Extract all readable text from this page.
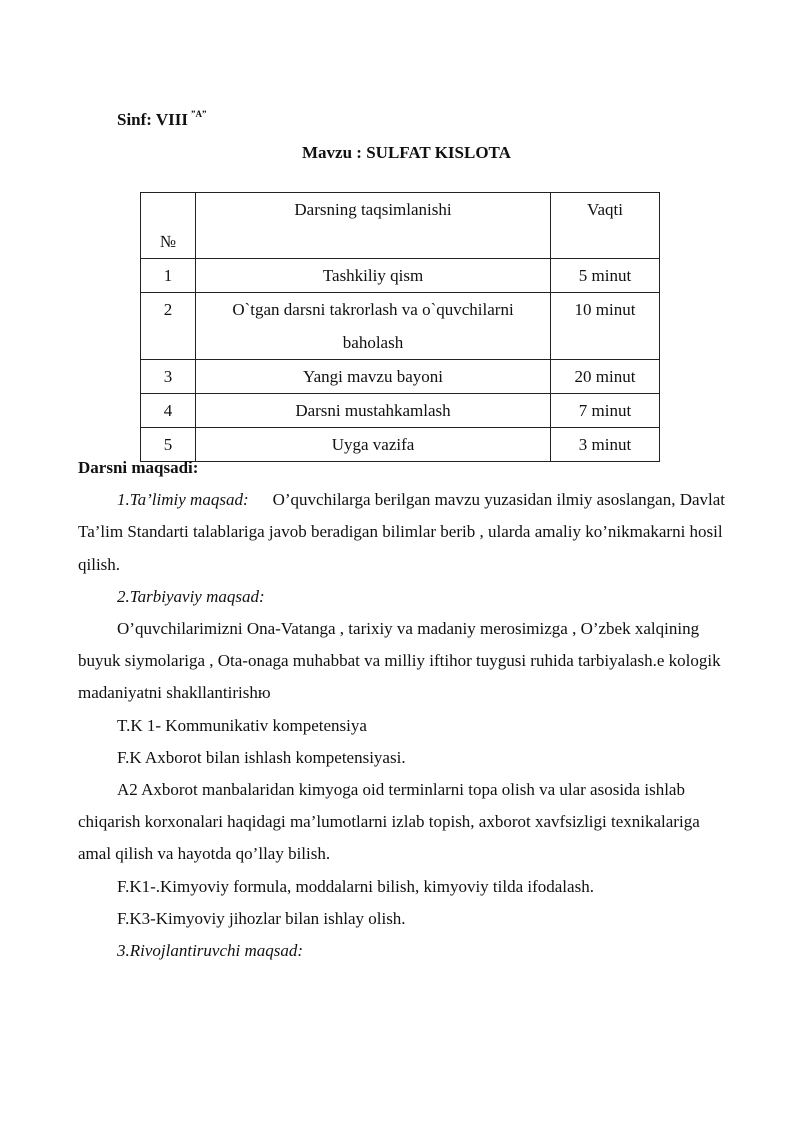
Sinf: VIII $^{”A”}$
Mavzu : SULFAT KISLOTA
№	Darsning taqsimlanishi	Vaqti
1	Tashkiliy qism	5 minut
2	O`tgan darsni takrorlash va o`quvchilarni baholash	10 minut
3	Yangi mavzu bayoni	20 minut
4	Darsni mustahkamlash	7 minut
5	Uyga vazifa	3 minut

Darsni maqsadi:

1.Ta’limiy maqsad: O’quvchilarga berilgan mavzu yuzasidan ilmiy asoslangan, Davlat Ta’lim Standarti talablariga javob beradigan bilimlar berib , ularda amaliy ko’nikmakarni hosil qilish.

2.Tarbiyaviy maqsad:

O’quvchilarimizni Ona-Vatanga , tarixiy va madaniy merosimizga , O’zbek xalqining buyuk siymolariga , Ota-onaga muhabbat va milliy iftihor tuygusi ruhida tarbiyalash.e kologik madaniyatni shakllantirishю

T.K 1- Kommunikativ kompetensiya

F.K Axborot bilan ishlash kompetensiyasi.

A2 Axborot manbalaridan kimyoga oid terminlarni topa olish va ular asosida ishlab chiqarish korxonalari haqidagi ma’lumotlarni izlab topish, axborot xavfsizligi texnikalariga amal qilish va hayotda qo’llay bilish.

F.K1-.Kimyoviy formula, moddalarni bilish, kimyoviy tilda ifodalash.

F.K3-Kimyoviy jihozlar bilan ishlay olish.

3.Rivojlantiruvchi maqsad:
